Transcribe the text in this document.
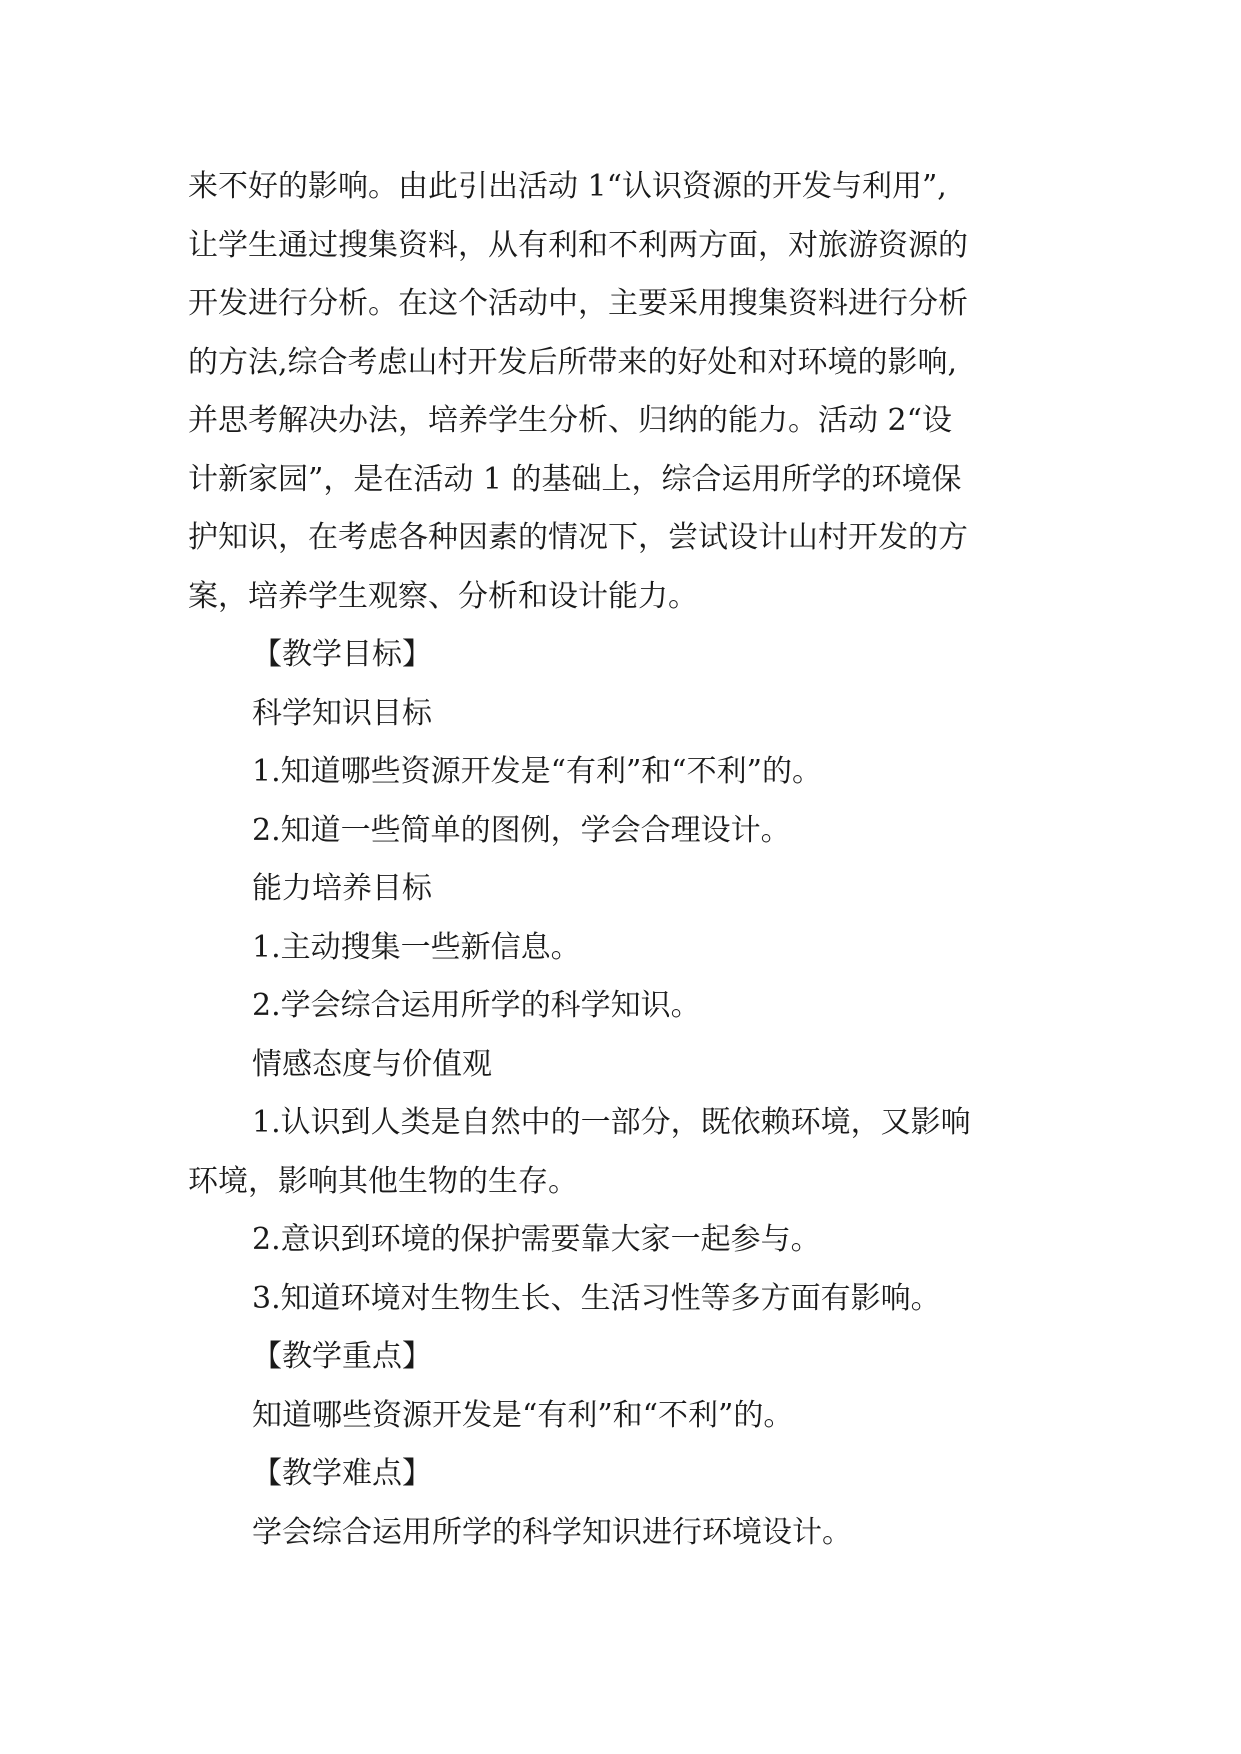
来不好的影响。由此引出活动 1“认识资源的开发与利用”,
让学生通过搜集资料，从有利和不利两方面，对旅游资源的
开发进行分析。在这个活动中，主要采用搜集资料进行分析
的方法,综合考虑山村开发后所带来的好处和对环境的影响,
并思考解决办法，培养学生分析、归纳的能力。活动 2“设
计新家园”，是在活动 1 的基础上，综合运用所学的环境保
护知识，在考虑各种因素的情况下，尝试设计山村开发的方
案，培养学生观察、分析和设计能力。
【教学目标】
科学知识目标
1.知道哪些资源开发是“有利”和“不利”的。
2.知道一些简单的图例，学会合理设计。
能力培养目标
1.主动搜集一些新信息。
2.学会综合运用所学的科学知识。
情感态度与价值观
1.认识到人类是自然中的一部分，既依赖环境，又影响
环境，影响其他生物的生存。
2.意识到环境的保护需要靠大家一起参与。
3.知道环境对生物生长、生活习性等多方面有影响。
【教学重点】
知道哪些资源开发是“有利”和“不利”的。
【教学难点】
学会综合运用所学的科学知识进行环境设计。
